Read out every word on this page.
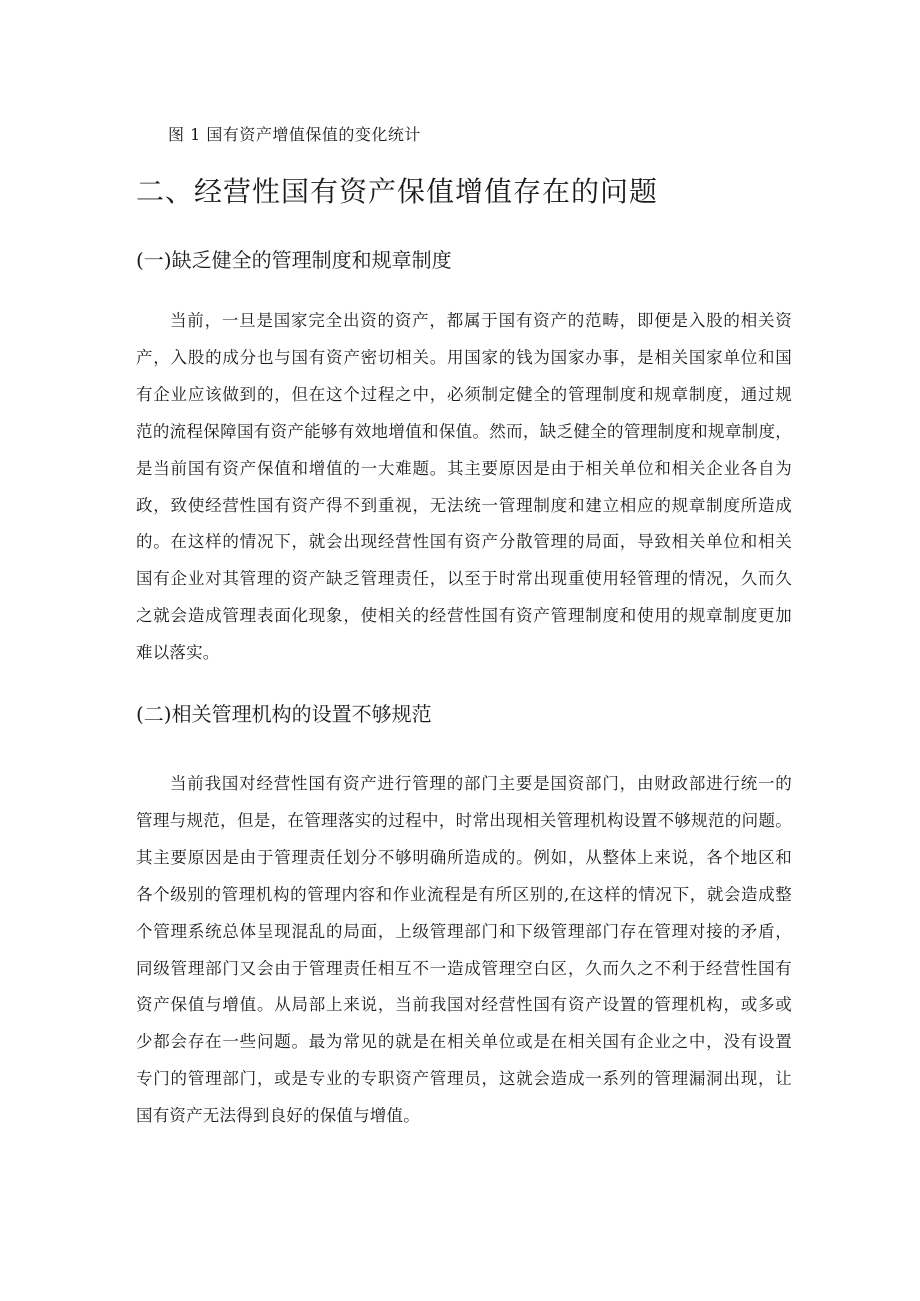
图 1 国有资产增值保值的变化统计
二、经营性国有资产保值增值存在的问题
(一)缺乏健全的管理制度和规章制度
当前，一旦是国家完全出资的资产，都属于国有资产的范畴，即便是入股的相关资
产，入股的成分也与国有资产密切相关。用国家的钱为国家办事，是相关国家单位和国
有企业应该做到的，但在这个过程之中，必须制定健全的管理制度和规章制度，通过规
范的流程保障国有资产能够有效地增值和保值。然而，缺乏健全的管理制度和规章制度，
是当前国有资产保值和增值的一大难题。其主要原因是由于相关单位和相关企业各自为
政，致使经营性国有资产得不到重视，无法统一管理制度和建立相应的规章制度所造成
的。在这样的情况下，就会出现经营性国有资产分散管理的局面，导致相关单位和相关
国有企业对其管理的资产缺乏管理责任，以至于时常出现重使用轻管理的情况，久而久
之就会造成管理表面化现象，使相关的经营性国有资产管理制度和使用的规章制度更加
难以落实。
(二)相关管理机构的设置不够规范
当前我国对经营性国有资产进行管理的部门主要是国资部门，由财政部进行统一的
管理与规范，但是，在管理落实的过程中，时常出现相关管理机构设置不够规范的问题。
其主要原因是由于管理责任划分不够明确所造成的。例如，从整体上来说，各个地区和
各个级别的管理机构的管理内容和作业流程是有所区别的,在这样的情况下，就会造成整
个管理系统总体呈现混乱的局面，上级管理部门和下级管理部门存在管理对接的矛盾，
同级管理部门又会由于管理责任相互不一造成管理空白区，久而久之不利于经营性国有
资产保值与增值。从局部上来说，当前我国对经营性国有资产设置的管理机构，或多或
少都会存在一些问题。最为常见的就是在相关单位或是在相关国有企业之中，没有设置
专门的管理部门，或是专业的专职资产管理员，这就会造成一系列的管理漏洞出现，让
国有资产无法得到良好的保值与增值。
